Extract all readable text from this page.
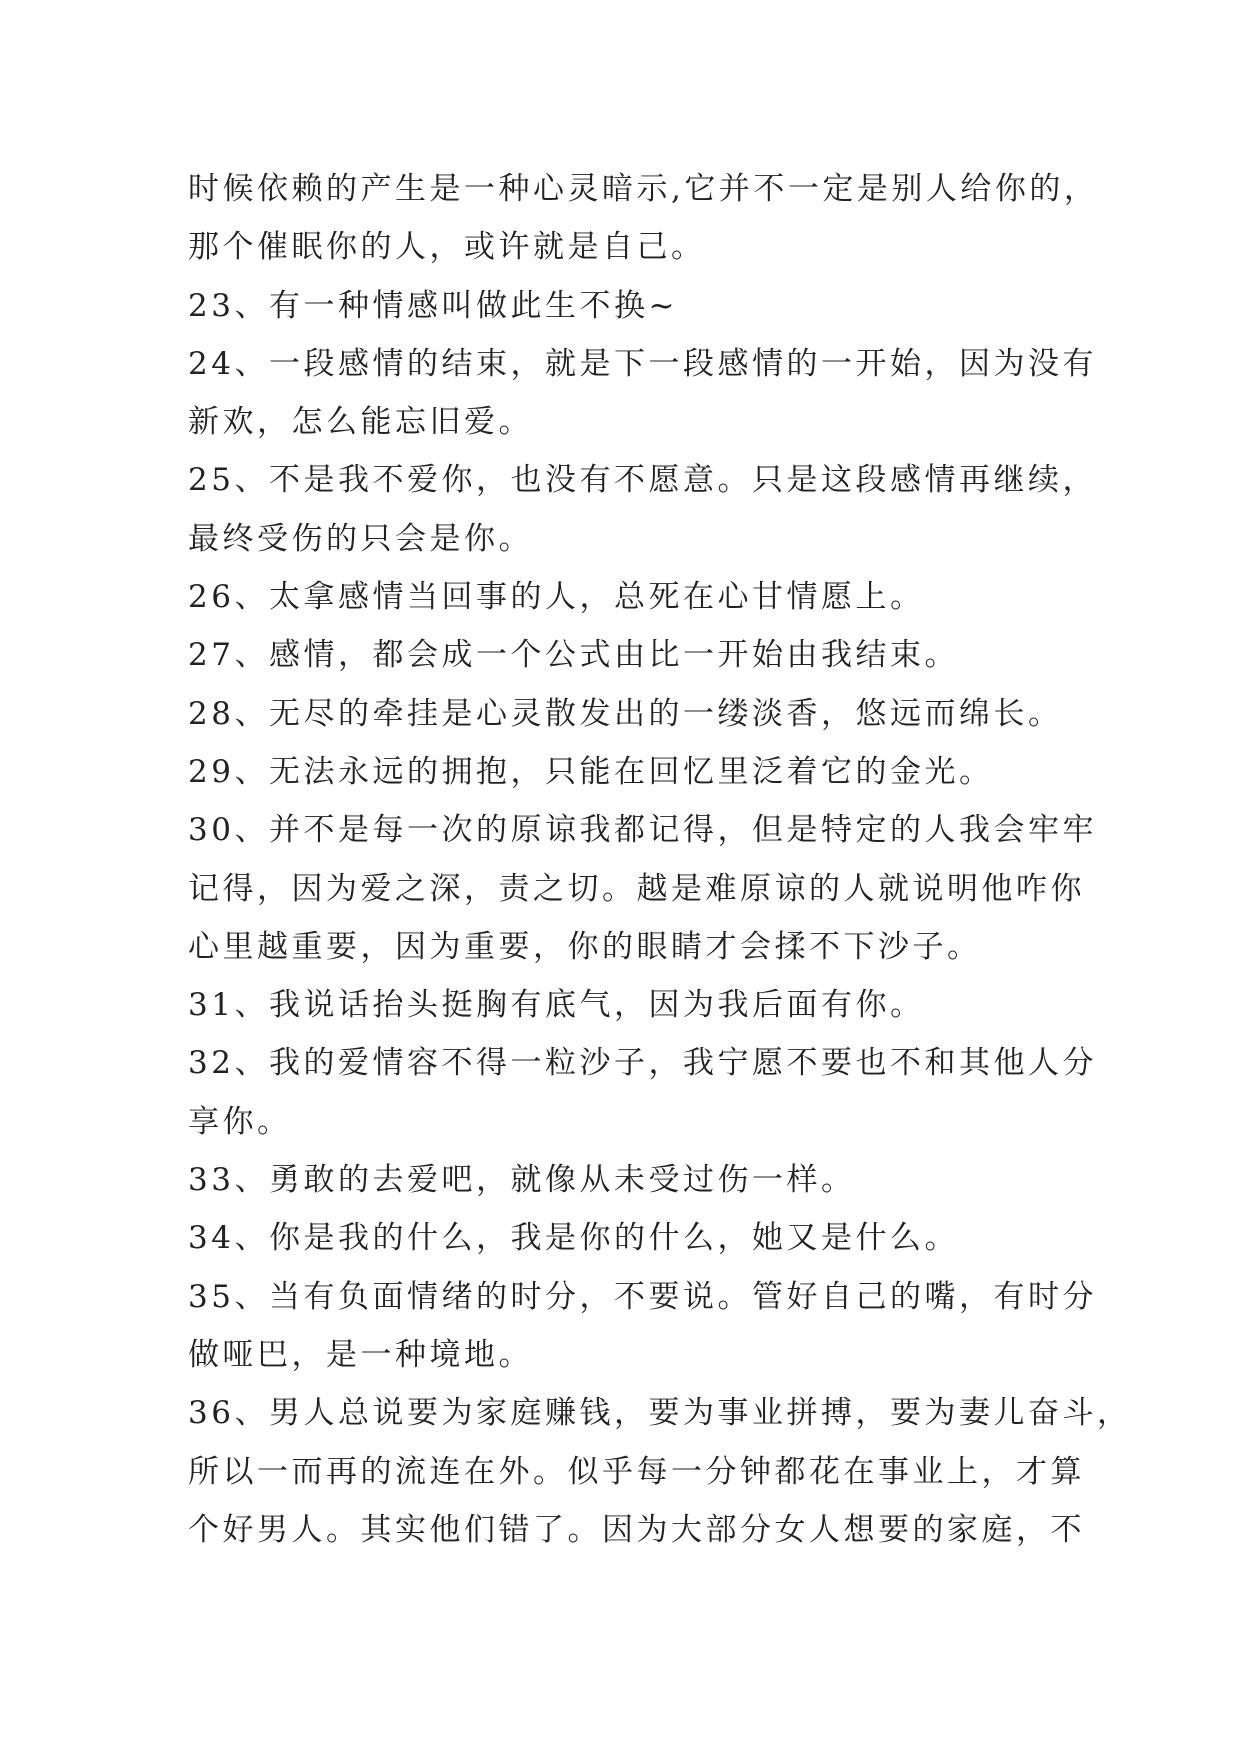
时候依赖的产生是一种心灵暗示,它并不一定是别人给你的，
那个催眠你的人，或许就是自己。
23、有一种情感叫做此生不换~
24、一段感情的结束，就是下一段感情的一开始，因为没有
新欢，怎么能忘旧爱。
25、不是我不爱你，也没有不愿意。只是这段感情再继续，
最终受伤的只会是你。
26、太拿感情当回事的人，总死在心甘情愿上。
27、感情，都会成一个公式由比一开始由我结束。
28、无尽的牵挂是心灵散发出的一缕淡香，悠远而绵长。
29、无法永远的拥抱，只能在回忆里泛着它的金光。
30、并不是每一次的原谅我都记得，但是特定的人我会牢牢
记得，因为爱之深，责之切。越是难原谅的人就说明他咋你
心里越重要，因为重要，你的眼睛才会揉不下沙子。
31、我说话抬头挺胸有底气，因为我后面有你。
32、我的爱情容不得一粒沙子，我宁愿不要也不和其他人分
享你。
33、勇敢的去爱吧，就像从未受过伤一样。
34、你是我的什么，我是你的什么，她又是什么。
35、当有负面情绪的时分，不要说。管好自己的嘴，有时分
做哑巴，是一种境地。
36、男人总说要为家庭赚钱，要为事业拼搏，要为妻儿奋斗，
所以一而再的流连在外。似乎每一分钟都花在事业上，才算
个好男人。其实他们错了。因为大部分女人想要的家庭，不
